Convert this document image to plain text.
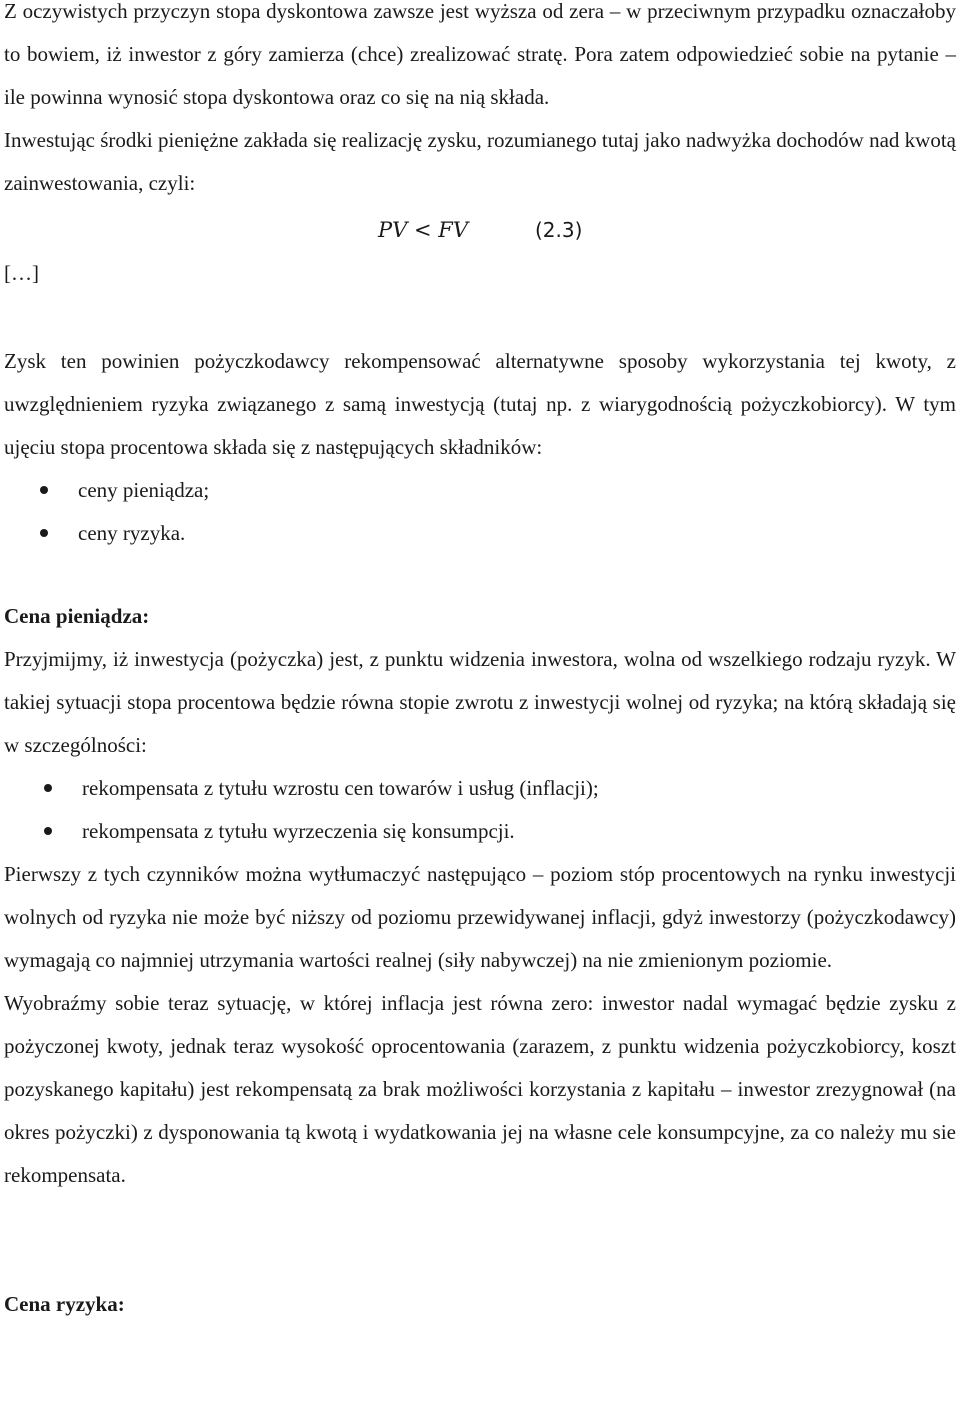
Z oczywistych przyczyn stopa dyskontowa zawsze jest wyższa od zera – w przeciwnym przypadku oznaczałoby to bowiem, iż inwestor z góry zamierza (chce) zrealizować stratę. Pora zatem odpowiedzieć sobie na pytanie – ile powinna wynosić stopa dyskontowa oraz co się na nią składa.

Inwestując środki pieniężne zakłada się realizację zysku, rozumianego tutaj jako nadwyżka dochodów nad kwotą zainwestowania, czyli:

PV < FV	(2.3)

[…]

Zysk ten powinien pożyczkodawcy rekompensować alternatywne sposoby wykorzystania tej kwoty, z uwzględnieniem ryzyka związanego z samą inwestycją (tutaj np. z wiarygodnością pożyczkobiorcy). W tym ujęciu stopa procentowa składa się z następujących składników:

ceny pieniądza;
ceny ryzyka.
Cena pieniądza:

Przyjmijmy, iż inwestycja (pożyczka) jest, z punktu widzenia inwestora, wolna od wszelkiego rodzaju ryzyk. W takiej sytuacji stopa procentowa będzie równa stopie zwrotu z inwestycji wolnej od ryzyka; na którą składają się w szczególności:

rekompensata z tytułu wzrostu cen towarów i usług (inflacji);
rekompensata z tytułu wyrzeczenia się konsumpcji.

Pierwszy z tych czynników można wytłumaczyć następująco – poziom stóp procentowych na rynku inwestycji wolnych od ryzyka nie może być niższy od poziomu przewidywanej inflacji, gdyż inwestorzy (pożyczkodawcy) wymagają co najmniej utrzymania wartości realnej (siły nabywczej) na nie zmienionym poziomie.

Wyobraźmy sobie teraz sytuację, w której inflacja jest równa zero: inwestor nadal wymagać będzie zysku z pożyczonej kwoty, jednak teraz wysokość oprocentowania (zarazem, z punktu widzenia pożyczkobiorcy, koszt pozyskanego kapitału) jest rekompensatą za brak możliwości korzystania z kapitału – inwestor zrezygnował (na okres pożyczki) z dysponowania tą kwotą i wydatkowania jej na własne cele konsumpcyjne, za co należy mu sie rekompensata.

Cena ryzyka:
